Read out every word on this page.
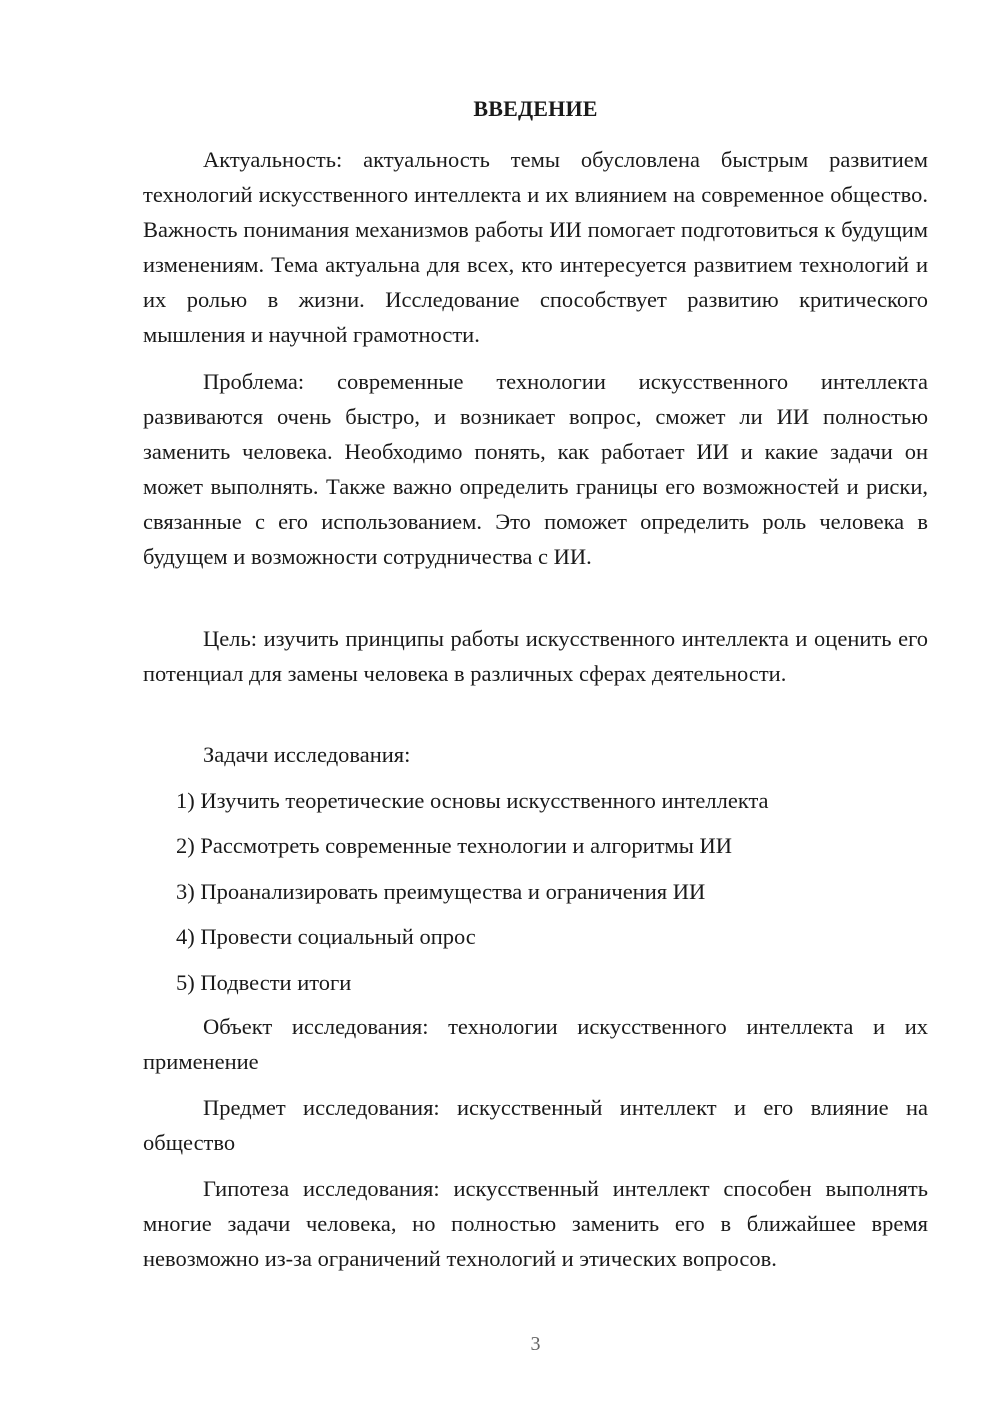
ВВЕДЕНИЕ

Актуальность: актуальность темы обусловлена быстрым развитием технологий искусственного интеллекта и их влиянием на современное общество. Важность понимания механизмов работы ИИ помогает подготовиться к будущим изменениям. Тема актуальна для всех, кто интересуется развитием технологий и их ролью в жизни. Исследование способствует развитию критического мышления и научной грамотности.

Проблема: современные технологии искусственного интеллекта развиваются очень быстро, и возникает вопрос, сможет ли ИИ полностью заменить человека. Необходимо понять, как работает ИИ и какие задачи он может выполнять. Также важно определить границы его возможностей и риски, связанные с его использованием. Это поможет определить роль человека в будущем и возможности сотрудничества с ИИ.

Цель: изучить принципы работы искусственного интеллекта и оценить его потенциал для замены человека в различных сферах деятельности.

Задачи исследования:

1) Изучить теоретические основы искусственного интеллекта
2) Рассмотреть современные технологии и алгоритмы ИИ
3) Проанализировать преимущества и ограничения ИИ
4) Провести социальный опрос
5) Подвести итоги

Объект исследования: технологии искусственного интеллекта и их применение

Предмет исследования: искусственный интеллект и его влияние на общество

Гипотеза исследования: искусственный интеллект способен выполнять многие задачи человека, но полностью заменить его в ближайшее время невозможно из-за ограничений технологий и этических вопросов.

3
